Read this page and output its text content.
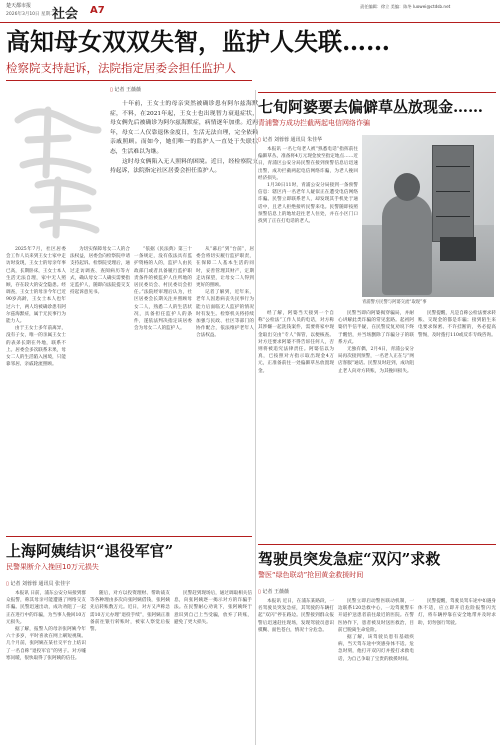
楚天都市报
2026年3月10日 星期二
社会 A7	责任编辑：徐立 美编：陈冬 luowei@ctdsb.net
高知母女双双失智，监护人失联……
检察院支持起诉，法院指定居委会担任监护人
▯ 记者 王薇薇

十年前，王女士的母亲突然被确诊患有阿尔兹海默症，不料，在2021年起，王女士也出现智力衰退症状，母女俩先后被确诊为阿尔兹海默症，病情逐年加重。近两年，母女二人仅靠退休金度日，生活无法自理，完全依赖亲戚照顾。而如今，她们唯一的监护人一直处于失联状态，生活难以为继。

这时母女俩陷入无人照料的困境。近日，经检察院支持起诉，法院指定社区居委会担任监护人。

2025年7月，社区居委会工作人员来到王女士家中走访时发现，王女士的母亲年事已高，长期卧床，王女士本人生活无法自理，家中无人照顾，存在较大的安全隐患。经调查，王女士的母亲今年已近90岁高龄，王女士本人也年过六十，两人均被确诊患有阿尔兹海默症，属于无民事行为能力人。

由于王女士多年前离异，没有子女，唯一的亲属王女士的表弟长期在外地，联系不上。居委会多次联系未果，母女二人的生活陷入困境，只能靠邻居、亲戚轮流照顾。

为切实保障母女二人的合法权益，居委会向检察院申请支持起诉。检察院受理后，通过走访调查、查阅病历等方式，确认母女二人确实需要指定监护人，随即向法院提交支持起诉意见书。

“依据《民法典》第三十一条规定，没有依法具有监护资格的人的，监护人由民政部门或者具备履行监护职责条件的被监护人住所地的居民委员会、村民委员会担任。”法院经审理后认为，社区居委会长期关注并照顾母女二人，熟悉二人的生活状况，具备担任监护人的条件，遂依法判决指定该居委会为母女二人的监护人。

从“幕后”到“台前”，居委会将切实履行监护职责，在保障二人基本生活的同时，妥善管理其财产，定期走访探望，让母女二人得到更好的照顾。

记者了解到，近年来，老年人因患病丧失民事行为能力后面临无人监护的情况时有发生。检察机关将持续加强与民政、社区等部门的协作配合，依法维护老年人合法权益。

七旬阿婆要去偏僻草丛放现金……
青浦警方成功拦截两起电信网络诈骗
▯ 记者 刘蓉蓉 通讯员 朱佳华
青浦警方民警与阿婆交流“取现”事

本报讯 一名七旬老人被“熟悉电话”指挥前往偏僻草丛，准备将4万元现金放至指定地点……近日，青浦区公安分局民警在接到预警信息后迅速出警，成功拦截两起电信网络诈骗，为老人挽回经济损失。

1月30日11时，青浦公安分局接到一条预警信息：辖区内一名老年人疑似正在遭受电信网络诈骗。民警立即联系老人，却发现其手机处于通话中，且老人拒绝接听民警来电。民警随即按照预警信息上的地址赶往老人住处，并在小区门口找到了正在打电话的老人。

经了解，阿婆当天接到一个自称“公检法”工作人员的电话，对方称其涉嫌一起洗钱案件，需要将家中现金取出交由“专人”保管，以便核查。对方还要求阿婆不得告诉任何人，否则将被追究法律责任。阿婆信以为真，已按照对方指示取出现金4万元，正准备前往一处偏僻草丛放置现金。

民警当即向阿婆揭穿骗局，并耐心讲解此类诈骗的常见套路。起初阿婆仍半信半疑，在民警反复劝说下终于醒悟，并当场删除了诈骗分子的联系方式。

无独有偶，2月4日，青浦公安分局再次接到预警，一名老人正在与“网店客服”通话。民警及时赶到，成功阻止老人向对方转账，为其挽回损失。

民警提醒，凡是自称公检法要求转账、交现金的都是诈骗；接到陌生来电要求保密、不许挂断的，务必提高警惕，及时拨打110或反诈专线咨询。

上海阿姨结识“退役军官”
民警果断介入挽回10万元损失
▯ 记者 刘蓉蓉 通讯员 张佳宇

本报讯 日前，浦东公安分局接到群众报警，称其母亲可能遭遇了网络交友诈骗。民警迅速出动，成功劝阻了一起正在进行中的诈骗，为当事人挽回10万元损失。

据了解，报警人的母亲张阿姨今年六十多岁，平时喜欢在网上刷短视频。几个月前，张阿姨在某社交平台上结识了一名自称“退役军官”的男子。对方嘘寒问暖，很快取得了张阿姨的信任。

随后，对方以投资理财、帮助战友等各种理由多次向张阿姨借钱，张阿姨先后转账数万元。近日，对方又声称急需10万元办理“退役手续”，张阿姨正准备前往银行转账时，被家人察觉后报警。

民警赶到现场后，通过调取相关信息，向张阿姨逐一揭示对方的诈骗手法。在民警耐心劝说下，张阿姨终于意识到自己上当受骗，放弃了转账，避免了更大损失。

驾驶员突发急症“双闪”求救
警医“绿色联动”抢回黄金救援时间
▯ 记者 王薇薇

本报讯 近日，在浦东某路段，一名驾驶员突发急症，其驾驶的车辆打起“双闪”停在路边。民警接到群众报警后迅速赶往现场，发现驾驶员意识模糊、面色苍白，情况十分危急。

民警立即启动警医联动机制，一边联系120急救中心，一边驾驶警车开道护送患者前往最近的医院。在警医协作下，患者被及时送医救治，目前已脱离生命危险。

据了解，该驾驶员患有基础疾病，当天驾车途中突感身体不适。危急时刻，他打开双闪灯并拨打求救电话，为自己争取了宝贵的救援时间。

民警提醒，驾驶员驾车途中如遇身体不适，应立即开启危险报警闪光灯，将车辆停靠在安全地带并及时求助，切勿强行驾驶。
